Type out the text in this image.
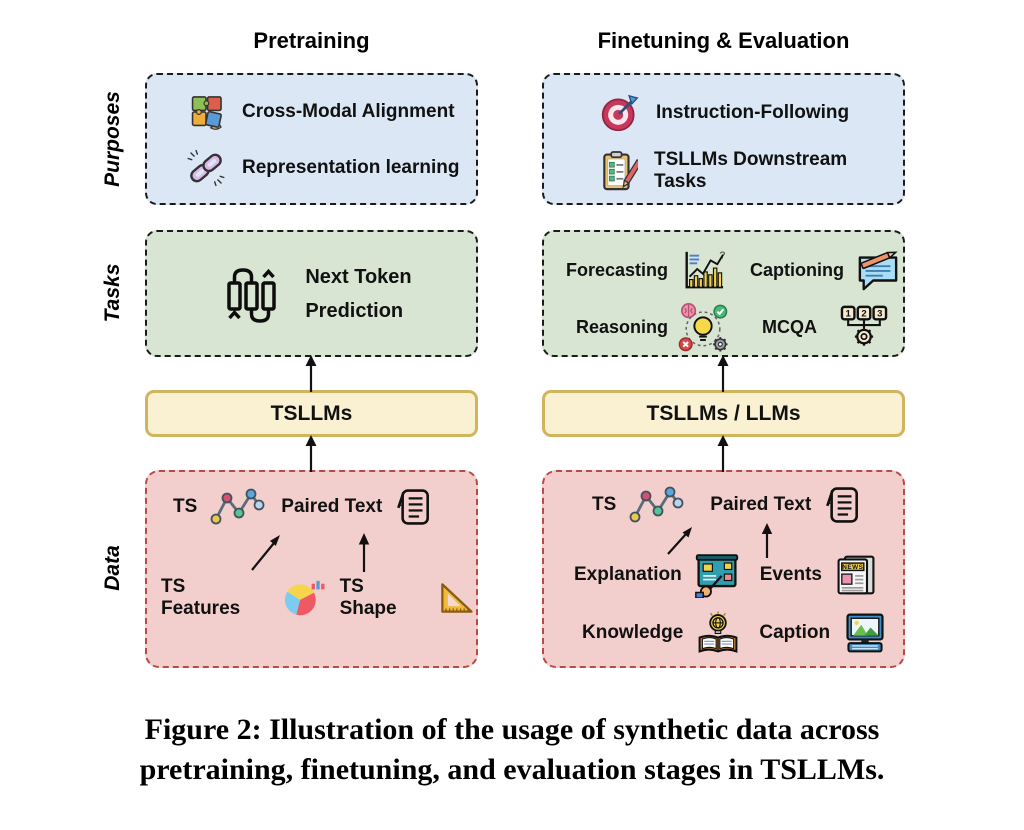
Pretraining	Finetuning & Evaluation
Purposes
Tasks
Data
Cross-Modal Alignment
Representation learning
Next Token
Prediction
TSLLMs
TS	Paired Text
TS Features
TS Shape
Instruction-Following
TSLLMs Downstream Tasks
Forecasting
?
Captioning
Reasoning	MCQA
1 2 3
TSLLMs / LLMs
TS	Paired Text
Explanation	Events	NEWS
Knowledge	Caption
Figure 2: Illustration of the usage of synthetic data across
pretraining, finetuning, and evaluation stages in TSLLMs.
